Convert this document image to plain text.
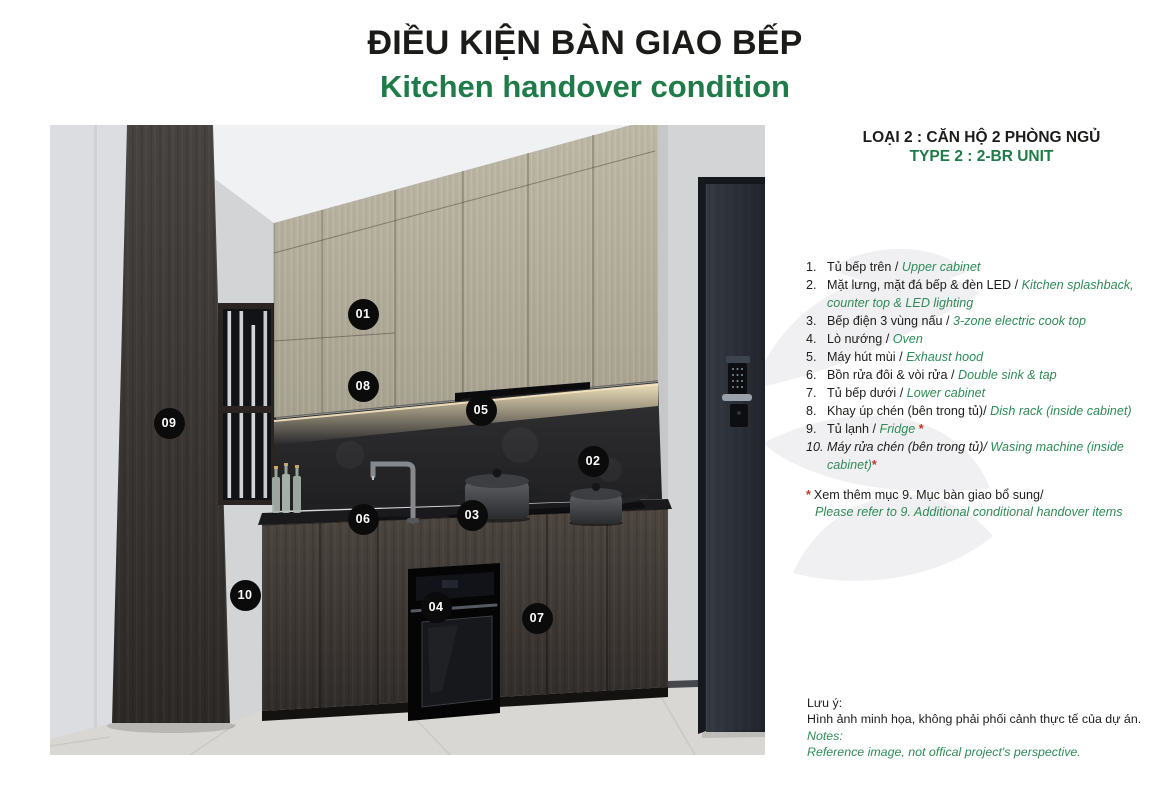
ĐIỀU KIỆN BÀN GIAO BẾP
Kitchen handover condition
01
02
03
04
05
06
07
08
09
10
LOẠI 2 : CĂN HỘ 2 PHÒNG NGỦ
TYPE 2 : 2-BR UNIT
1. Tủ bếp trên / Upper cabinet
2. Mặt lưng, mặt đá bếp & đèn LED / Kitchen splashback, counter top & LED lighting
3. Bếp điện 3 vùng nấu / 3-zone electric cook top
4. Lò nướng / Oven
5. Máy hút mùi / Exhaust hood
6. Bồn rửa đôi & vòi rửa / Double sink & tap
7. Tủ bếp dưới / Lower cabinet
8. Khay úp chén (bên trong tủ)/ Dish rack (inside cabinet)
9. Tủ lạnh / Fridge *
10. Máy rửa chén (bên trong tủ)/ Wasing machine (inside cabinet)*
* Xem thêm mục 9. Mục bàn giao bổ sung/
Please refer to 9. Additional conditional handover items
Lưu ý:
Hình ảnh minh họa, không phải phối cảnh thực tế của dự án.
Notes:
Reference image, not offical project's perspective.
